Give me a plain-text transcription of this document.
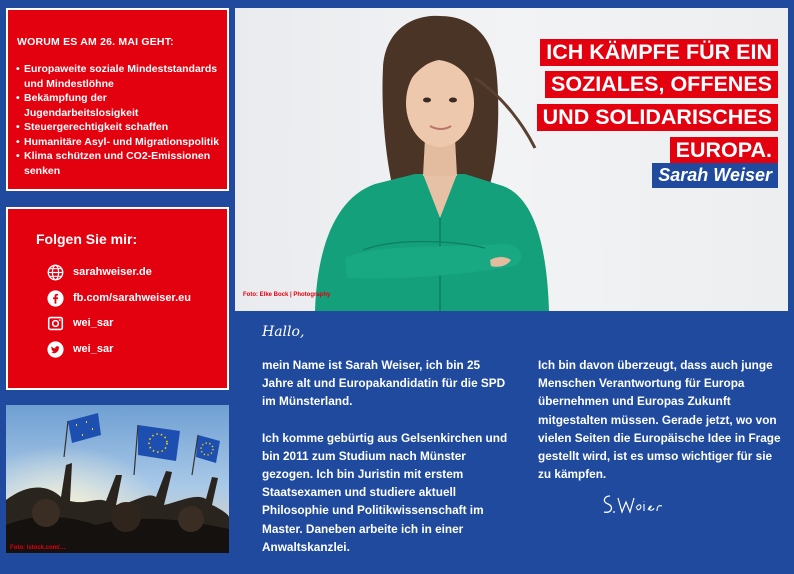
WORUM ES AM 26. MAI GEHT:
• Europaweite soziale Mindeststandards und Mindestlöhne
• Bekämpfung der Jugendarbeitslosigkeit
• Steuergerechtigkeit schaffen
• Humanitäre Asyl- und Migrationspolitik
• Klima schützen und CO2-Emissionen senken
Folgen Sie mir:
sarahweiser.de
fb.com/sarahweiser.eu
wei_sar
wei_sar
Foto: istock.com/…
Foto: Elke Bock | Photography
ICH KÄMPFE FÜR EIN
SOZIALES, OFFENES
UND SOLIDARISCHES
EUROPA.
Sarah Weiser
Hallo,

mein Name ist Sarah Weiser, ich bin 25 Jahre alt und Europakandidatin für die SPD im Münsterland.

Ich komme gebürtig aus Gelsenkirchen und bin 2011 zum Studium nach Münster gezogen. Ich bin Juristin mit erstem Staatsexamen und studiere aktuell Philosophie und Politikwissenschaft im Master. Daneben arbeite ich in einer Anwaltskanzlei.

Ich bin davon überzeugt, dass auch junge Menschen Verantwortung für Europa übernehmen und Europas Zukunft mitgestalten müssen. Gerade jetzt, wo von vielen Seiten die Europäische Idee in Frage gestellt wird, ist es umso wichtiger für sie zu kämpfen.
